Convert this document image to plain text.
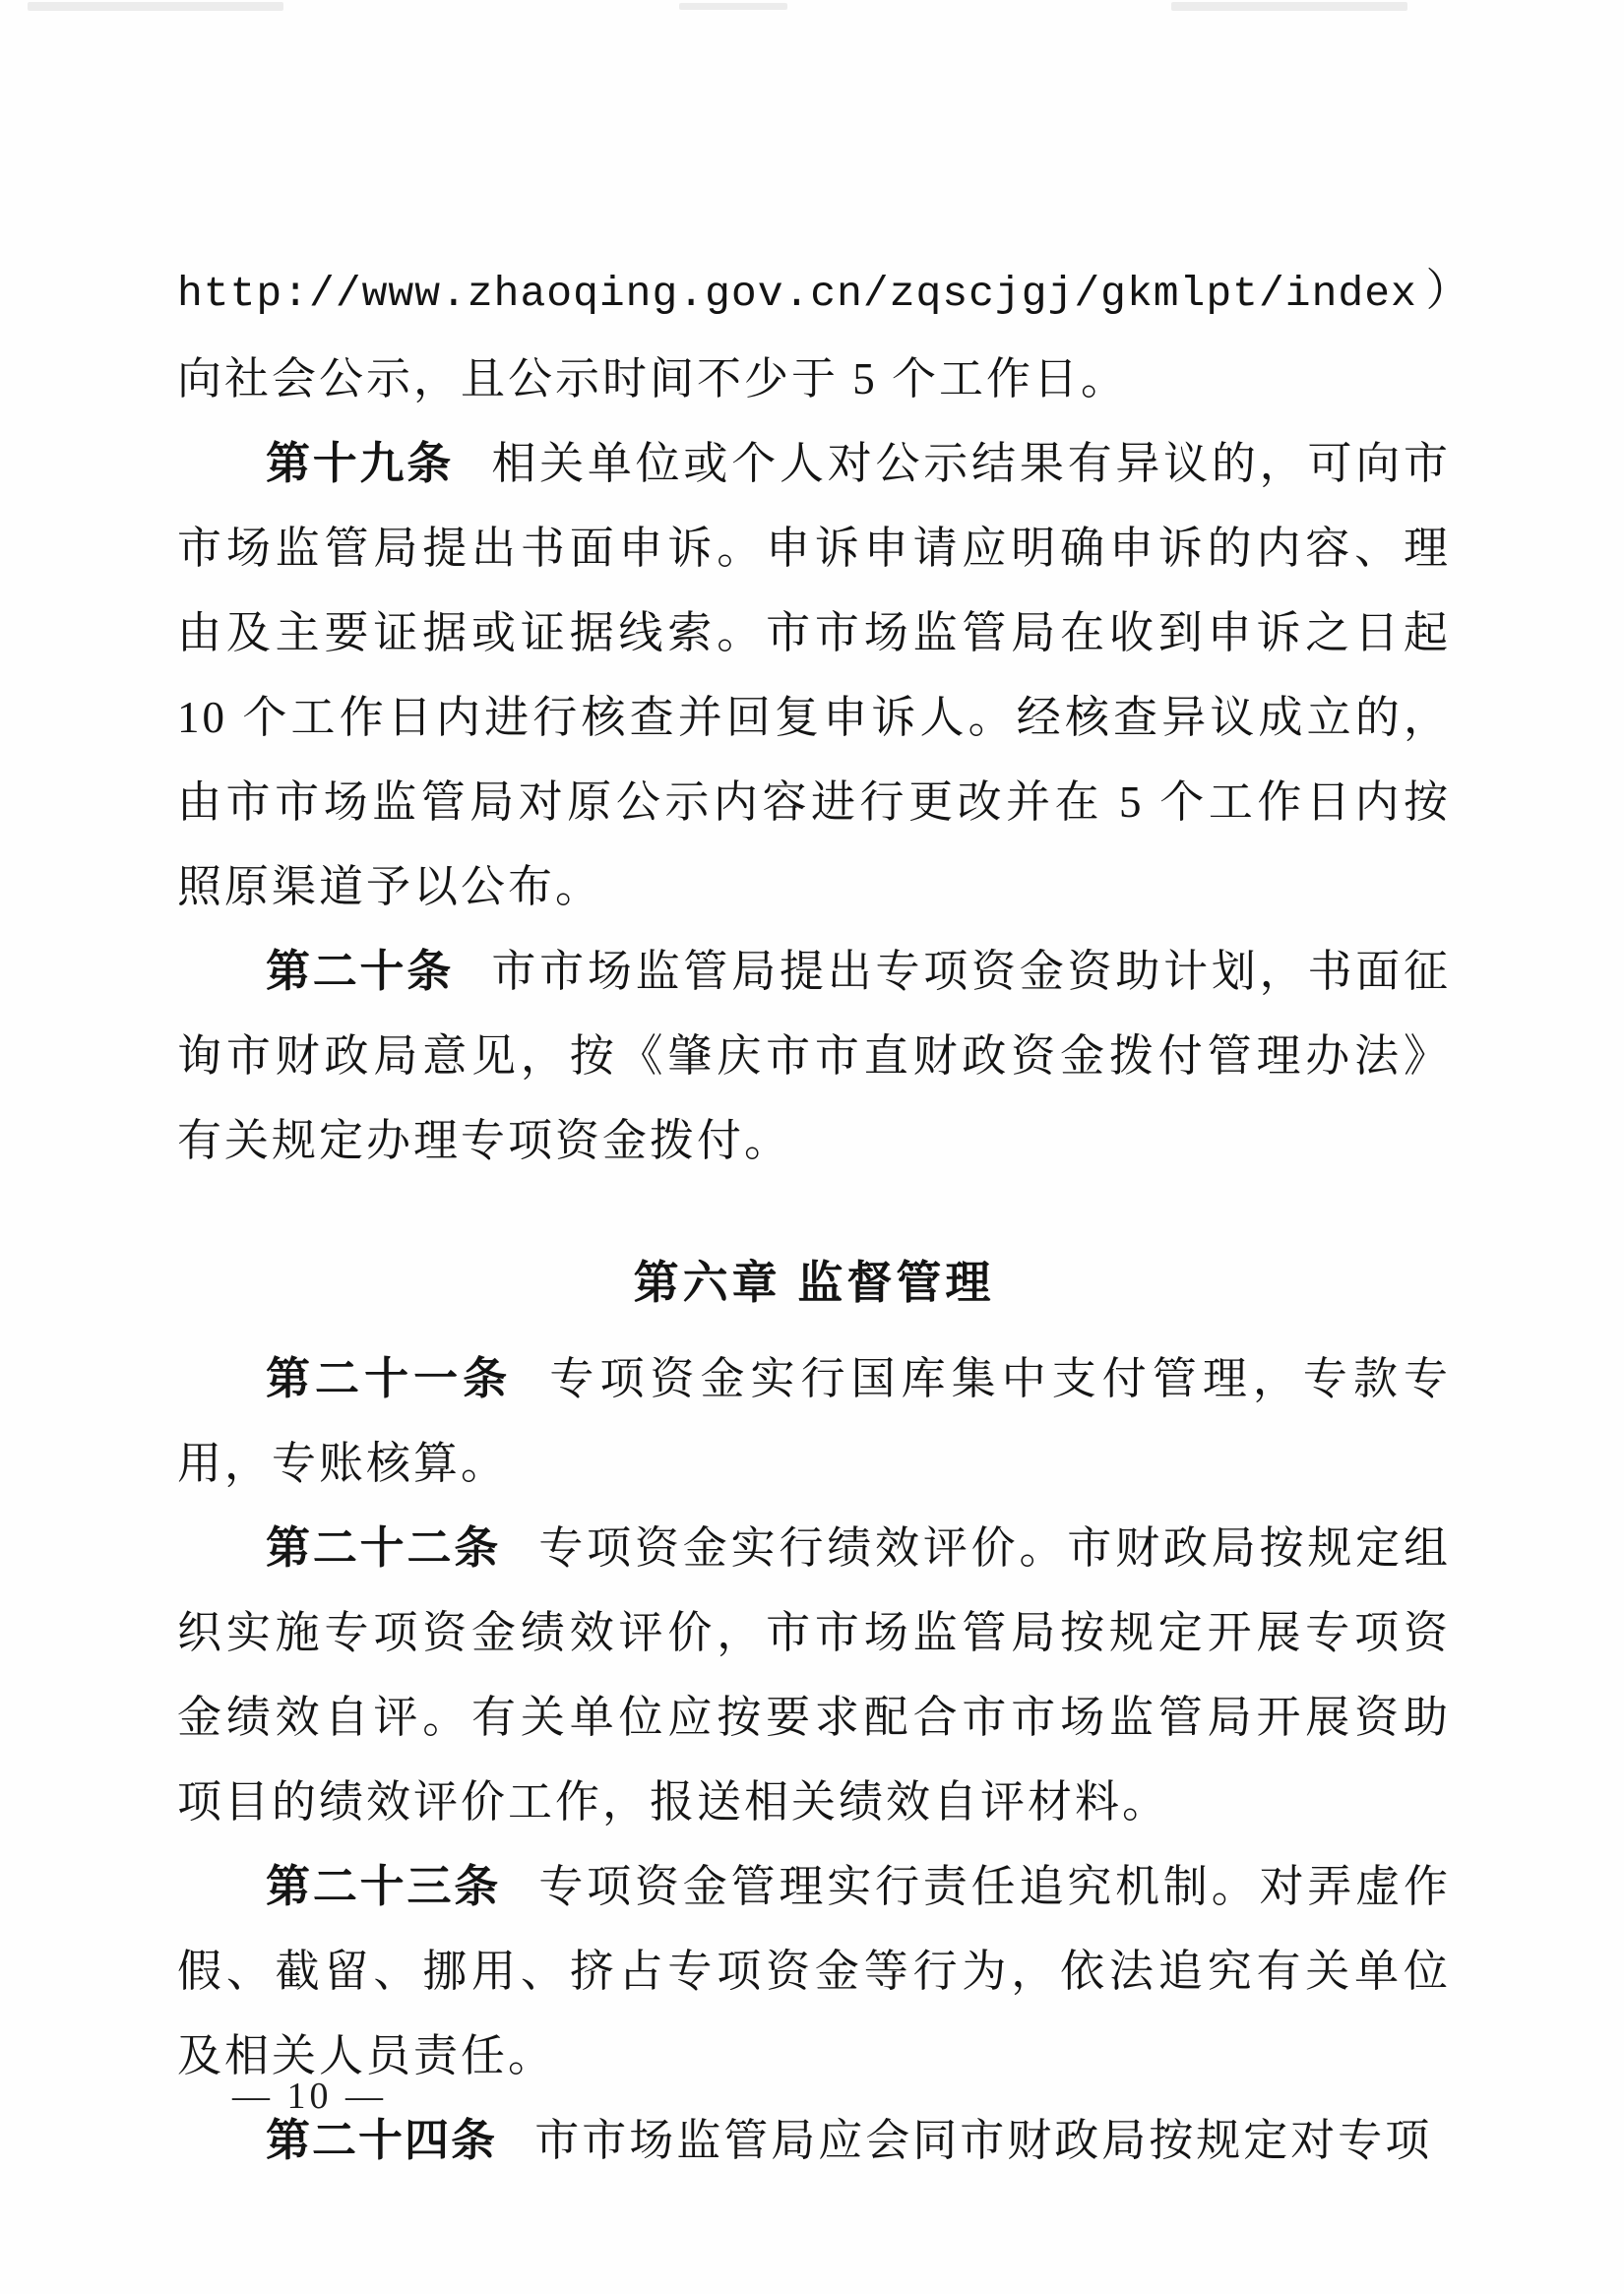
http://www.zhaoqing.gov.cn/zqscjgj/gkmlpt/index）向社会公示，且公示时间不少于 5 个工作日。

第十九条 相关单位或个人对公示结果有异议的，可向市市场监管局提出书面申诉。申诉申请应明确申诉的内容、理由及主要证据或证据线索。市市场监管局在收到申诉之日起 10 个工作日内进行核查并回复申诉人。经核查异议成立的，由市市场监管局对原公示内容进行更改并在 5 个工作日内按照原渠道予以公布。

第二十条 市市场监管局提出专项资金资助计划，书面征询市财政局意见，按《肇庆市市直财政资金拨付管理办法》有关规定办理专项资金拨付。

第六章 监督管理

第二十一条 专项资金实行国库集中支付管理，专款专用，专账核算。

第二十二条 专项资金实行绩效评价。市财政局按规定组织实施专项资金绩效评价，市市场监管局按规定开展专项资金绩效自评。有关单位应按要求配合市市场监管局开展资助项目的绩效评价工作，报送相关绩效自评材料。

第二十三条 专项资金管理实行责任追究机制。对弄虚作假、截留、挪用、挤占专项资金等行为，依法追究有关单位及相关人员责任。

第二十四条 市市场监管局应会同市财政局按规定对专项

— 10 —
